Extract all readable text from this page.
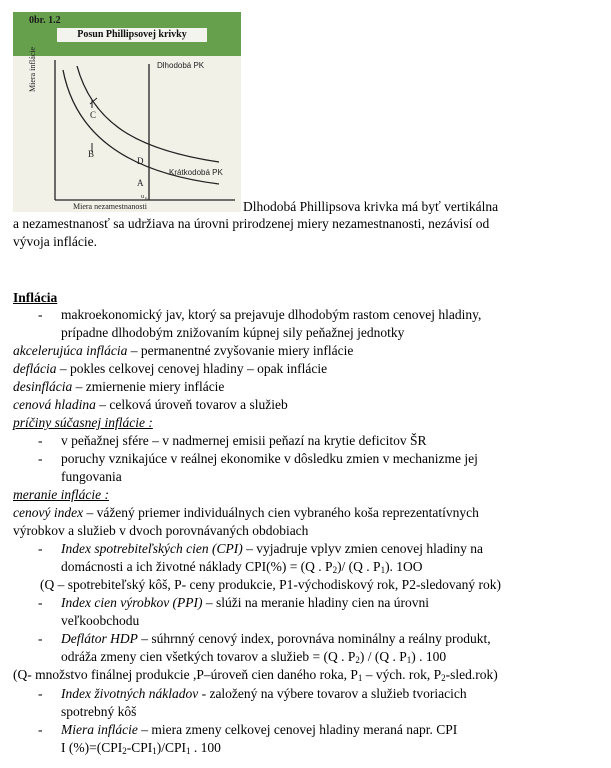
0br. 1.2
Posun Phillipsovej krivky
Miera inflácie
Miera nezamestnanosti
Dlhodobá PK
Krátkodobá PK
C
B
D
A
u n	Dlhodobá Phillipsova krivka má byť vertikálna
a nezamestnanosť sa udržiava na úrovni prirodzenej miery nezamestnanosti, nezávisí od
vývoja inflácie.
Inflácia
- makroekonomický jav, ktorý sa prejavuje dlhodobým rastom cenovej hladiny,
prípadne dlhodobým znižovaním kúpnej sily peňažnej jednotky
akcelerujúca inflácia – permanentné zvyšovanie miery inflácie
deflácia – pokles celkovej cenovej hladiny – opak inflácie
desinflácia – zmiernenie miery inflácie
cenová hladina – celková úroveň tovarov a služieb
príčiny súčasnej inflácie :
- v peňažnej sfére – v nadmernej emisii peňazí na krytie deficitov ŠR
- poruchy vznikajúce v reálnej ekonomike v dôsledku zmien v mechanizme jej
fungovania
meranie inflácie :
cenový index – vážený priemer individuálnych cien vybraného koša reprezentatívnych
výrobkov a služieb v dvoch porovnávaných obdobiach
- Index spotrebiteľských cien (CPI) – vyjadruje vplyv zmien cenovej hladiny na
domácnosti a ich životné náklady CPI(%) = (Q . $P_2)/$ (Q . $P_1$). 1OO
(Q – spotrebiteľský kôš, P- ceny produkcie, P1-východiskový rok, P2-sledovaný rok)
- Index cien výrobkov (PPI) – slúži na meranie hladiny cien na úrovni
veľkoobchodu
- Deflátor HDP – súhrnný cenový index, porovnáva nominálny a reálny produkt,
odráža zmeny cien všetkých tovarov a služieb = (Q . $P_2) / (Q$ . $P_1$) . 100
(Q- množstvo finálnej produkcie ,P–úroveň cien daného roka, $P_1$ – vých. rok, $P_2-sled.rok$)
- Index životných nákladov - založený na výbere tovarov a služieb tvoriacich
spotrebný kôš
- Miera inflácie – miera zmeny celkovej cenovej hladiny meraná napr. CPI
I $(\%)=(CPI_2-CPI_1)/CPI_1$ . 100
